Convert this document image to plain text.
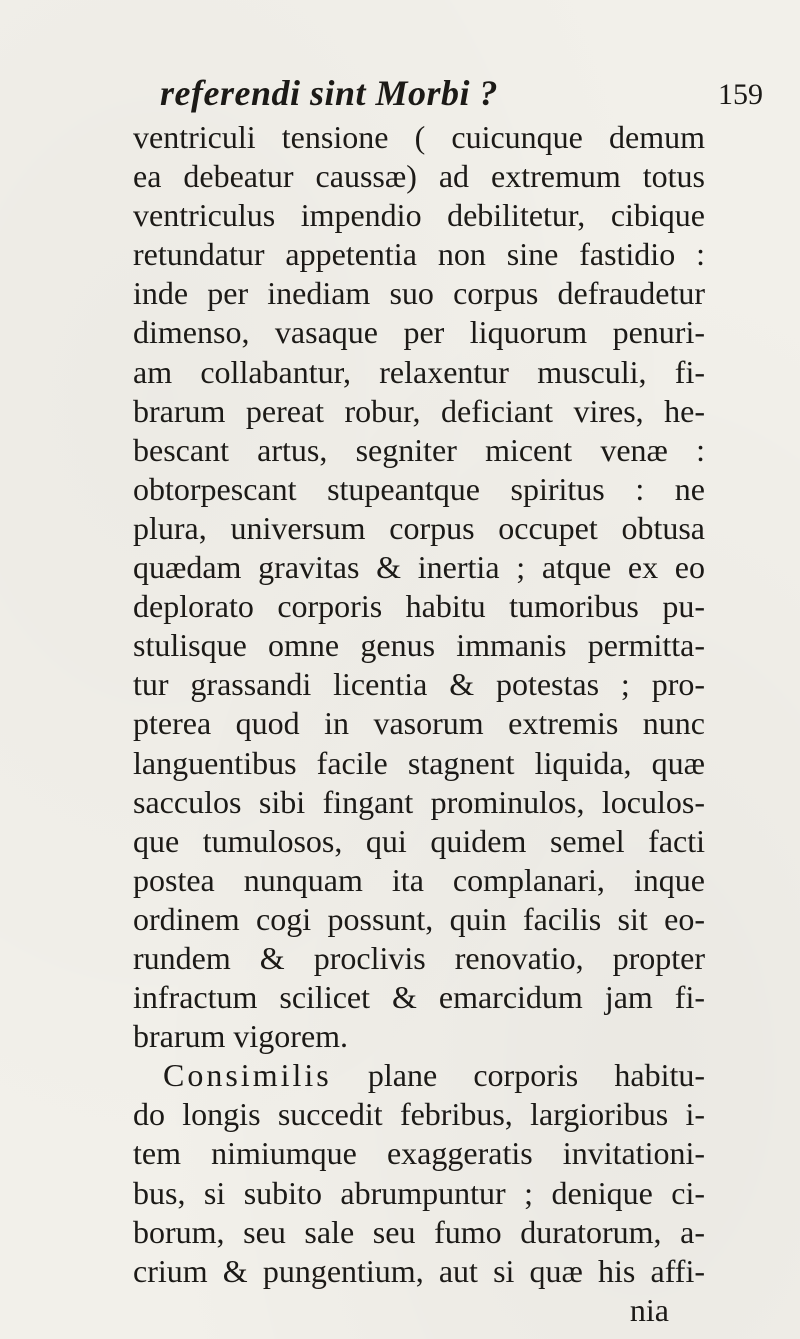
referendi sint Morbi ?	159
ventriculi tensione ( cuicunque demum
ea debeatur caussæ) ad extremum totus
ventriculus impendio debilitetur, cibique
retundatur appetentia non sine fastidio :
inde per inediam suo corpus defraudetur
dimenso, vasaque per liquorum penuri-
am collabantur, relaxentur musculi, fi-
brarum pereat robur, deficiant vires, he-
bescant artus, segniter micent venæ :
obtorpescant stupeantque spiritus : ne
plura, universum corpus occupet obtusa
quædam gravitas & inertia ; atque ex eo
deplorato corporis habitu tumoribus pu-
stulisque omne genus immanis permitta-
tur grassandi licentia & potestas ; pro-
pterea quod in vasorum extremis nunc
languentibus facile stagnent liquida, quæ
sacculos sibi fingant prominulos, loculos-
que tumulosos, qui quidem semel facti
postea nunquam ita complanari, inque
ordinem cogi possunt, quin facilis sit eo-
rundem & proclivis renovatio, propter
infractum scilicet & emarcidum jam fi-
brarum vigorem.
Consimilis plane corporis habitu-
do longis succedit febribus, largioribus i-
tem nimiumque exaggeratis invitationi-
bus, si subito abrumpuntur ; denique ci-
borum, seu sale seu fumo duratorum, a-
crium & pungentium, aut si quæ his affi-
nia
